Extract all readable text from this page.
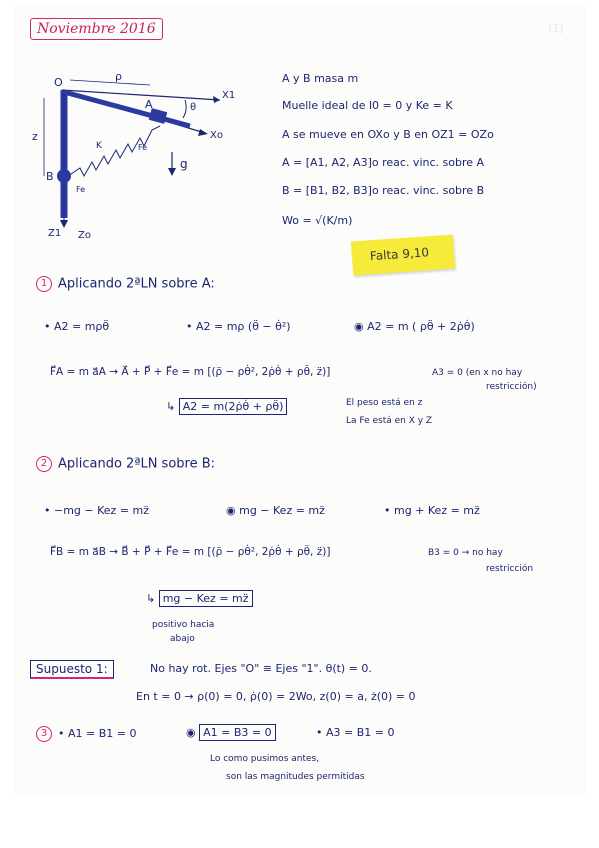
(1)
Noviembre 2016
O
X1
Xo
ρ
θ
A
B
z
Z1 Zo
K	Fe
Fe
g
A y B masa m
Muelle ideal de l0 = 0 y Ke = K
A se mueve en OXo y B en OZ1 = OZo
A = [A1, A2, A3]o reac. vinc. sobre A
B = [B1, B2, B3]o reac. vinc. sobre B
Wo = √(K/m)
Falta 9,10
1 Aplicando 2ªLN sobre A:
• A2 = mρθ̈	• A2 = mρ (θ̈ − θ̇²)	◉ A2 = m ( ρθ̈ + 2ρ̇θ̇)
F⃗A = m a⃗A → A⃗ + P⃗ + F⃗e = m [(ρ̈ − ρθ̇², 2ρ̇θ̇ + ρθ̈, z̈)]	A3 = 0 (en x no hay
restricción)
↳ A2 = m(2ρ̇θ̇ + ρθ̈)	El peso está en z
La Fe está en X y Z
2 Aplicando 2ªLN sobre B:
• −mg − Kez = mz̈	◉ mg − Kez = mz̈	• mg + Kez = mz̈
F⃗B = m a⃗B → B⃗ + P⃗ + F⃗e = m [(ρ̈ − ρθ̇², 2ρ̇θ̇ + ρθ̈, z̈)]	B3 = 0 → no hay
restricción
↳ mg − Kez = mz̈
positivo hacia
abajo
Supuesto 1:	No hay rot. Ejes "O" ≡ Ejes "1". θ(t) = 0.
En t = 0 → ρ(0) = 0, ρ̇(0) = 2Wo, z(0) = a, ż(0) = 0
3 • A1 = B1 = 0	◉ A1 = B3 = 0	• A3 = B1 = 0
Lo como pusimos antes,
son las magnitudes permitidas
